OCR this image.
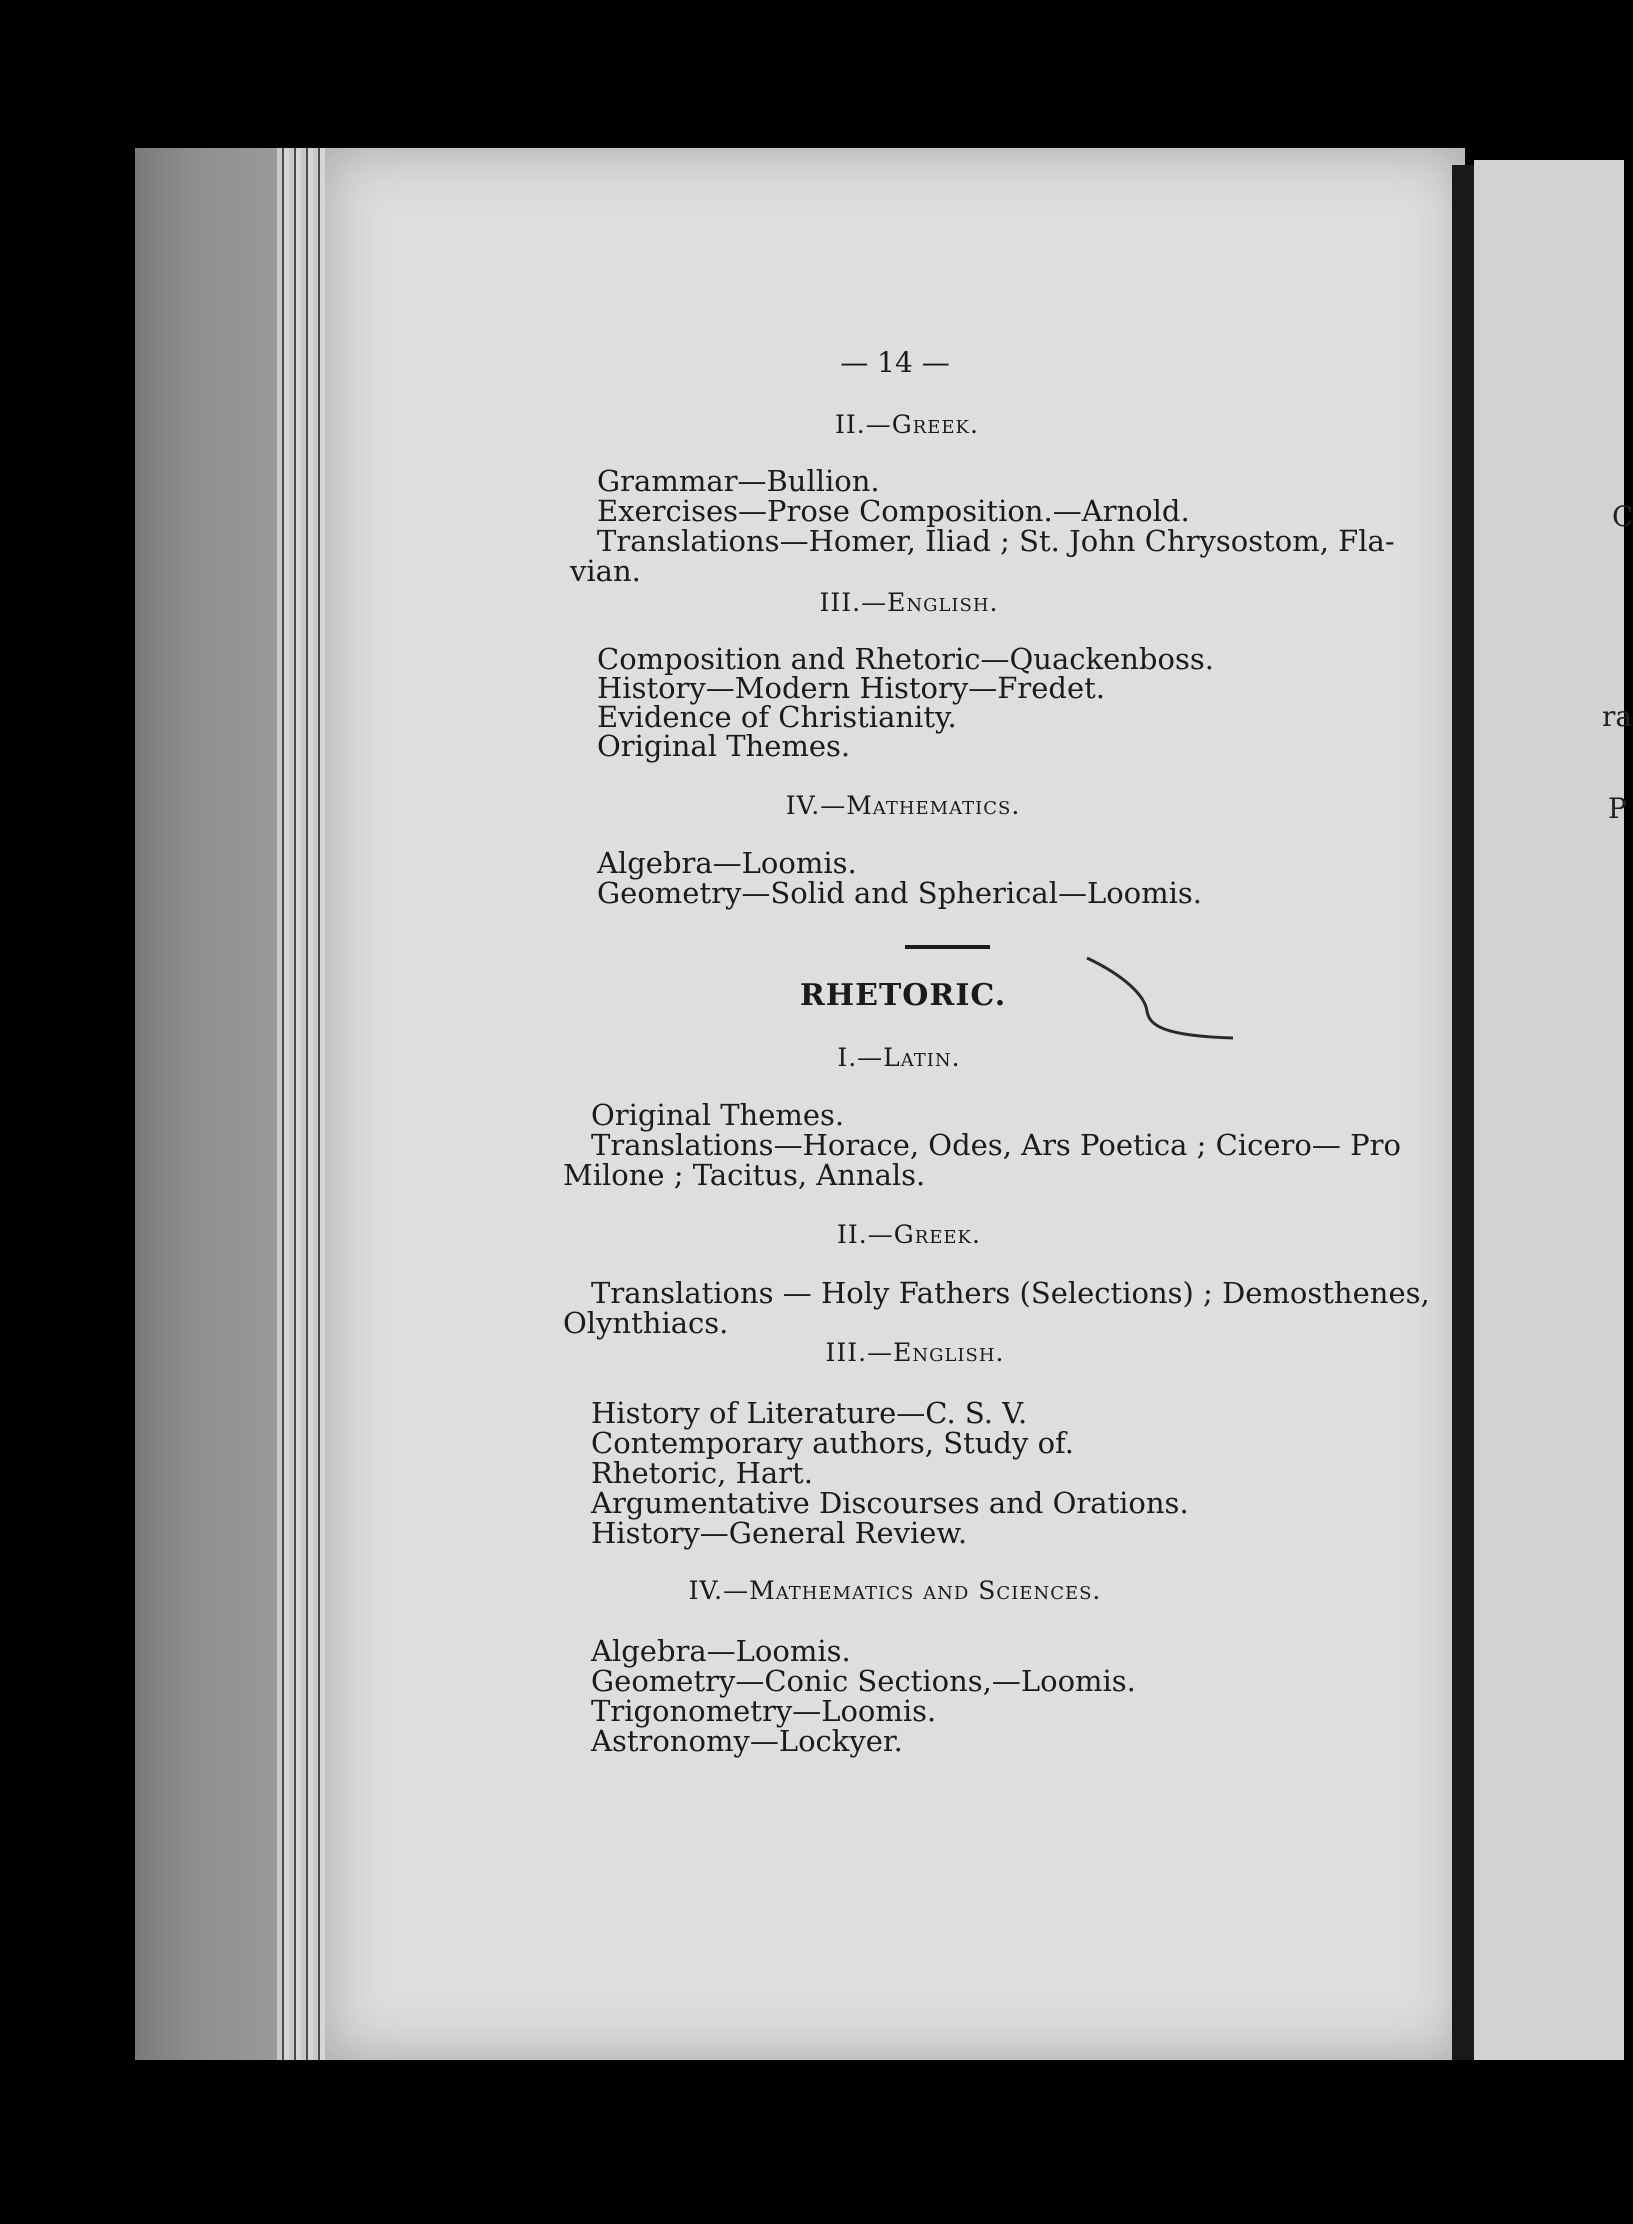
— 14 —
II.—Greek.
Grammar—Bullion.
Exercises—Prose Composition.—Arnold.
Translations—Homer, Iliad ; St. John Chrysostom, Fla-
vian.
III.—English.
Composition and Rhetoric—Quackenboss.
History—Modern History—Fredet.
Evidence of Christianity.
Original Themes.
IV.—Mathematics.
Algebra—Loomis.
Geometry—Solid and Spherical—Loomis.
RHETORIC.
I.—Latin.
Original Themes.
Translations—Horace, Odes, Ars Poetica ; Cicero— Pro
Milone ; Tacitus, Annals.
II.—Greek.
Translations — Holy Fathers (Selections) ; Demosthenes,
Olynthiacs.
III.—English.
History of Literature—C. S. V.
Contemporary authors, Study of.
Rhetoric, Hart.
Argumentative Discourses and Orations.
History—General Review.
IV.—Mathematics and Sciences.
Algebra—Loomis.
Geometry—Conic Sections,—Loomis.
Trigonometry—Loomis.
Astronomy—Lockyer.
C
ra
P
